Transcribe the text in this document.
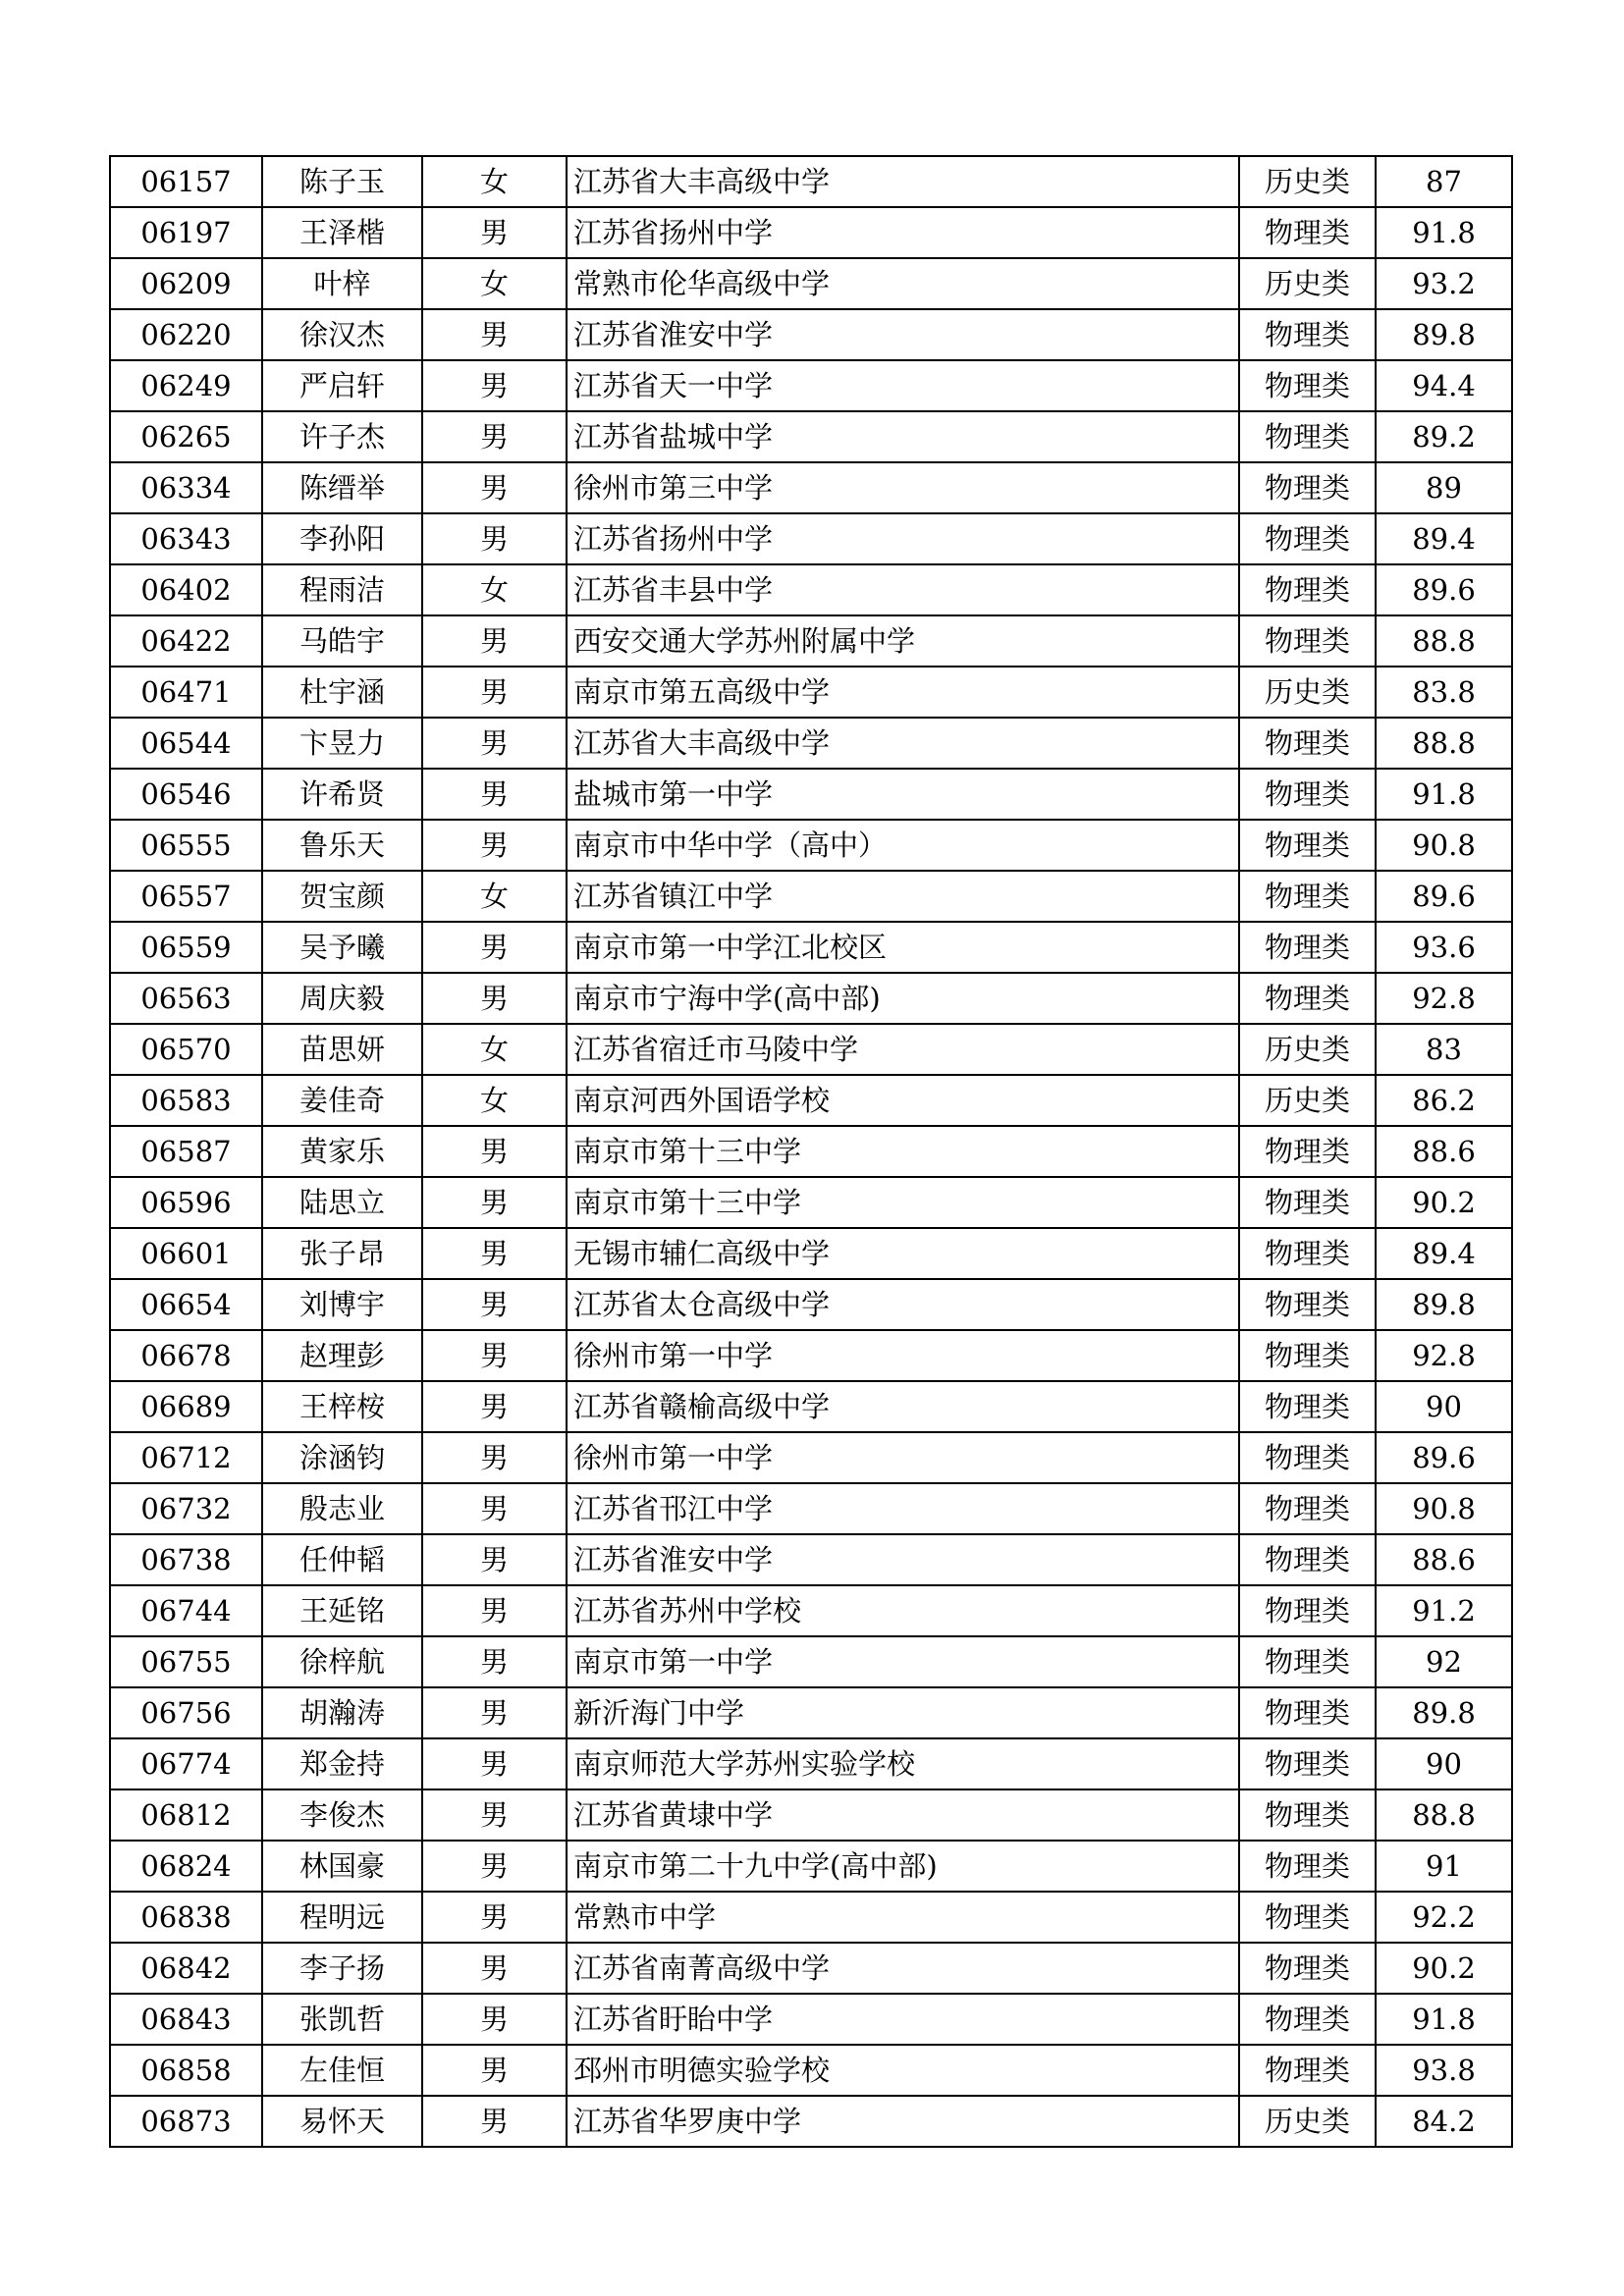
06157	陈子玉	女	江苏省大丰高级中学	历史类	87
06197	王泽楷	男	江苏省扬州中学	物理类	91.8
06209	叶梓	女	常熟市伦华高级中学	历史类	93.2
06220	徐汉杰	男	江苏省淮安中学	物理类	89.8
06249	严启轩	男	江苏省天一中学	物理类	94.4
06265	许子杰	男	江苏省盐城中学	物理类	89.2
06334	陈缙举	男	徐州市第三中学	物理类	89
06343	李孙阳	男	江苏省扬州中学	物理类	89.4
06402	程雨洁	女	江苏省丰县中学	物理类	89.6
06422	马皓宇	男	西安交通大学苏州附属中学	物理类	88.8
06471	杜宇涵	男	南京市第五高级中学	历史类	83.8
06544	卞昱力	男	江苏省大丰高级中学	物理类	88.8
06546	许希贤	男	盐城市第一中学	物理类	91.8
06555	鲁乐天	男	南京市中华中学（高中）	物理类	90.8
06557	贺宝颜	女	江苏省镇江中学	物理类	89.6
06559	吴予曦	男	南京市第一中学江北校区	物理类	93.6
06563	周庆毅	男	南京市宁海中学(高中部)	物理类	92.8
06570	苗思妍	女	江苏省宿迁市马陵中学	历史类	83
06583	姜佳奇	女	南京河西外国语学校	历史类	86.2
06587	黄家乐	男	南京市第十三中学	物理类	88.6
06596	陆思立	男	南京市第十三中学	物理类	90.2
06601	张子昂	男	无锡市辅仁高级中学	物理类	89.4
06654	刘博宇	男	江苏省太仓高级中学	物理类	89.8
06678	赵理彭	男	徐州市第一中学	物理类	92.8
06689	王梓桉	男	江苏省赣榆高级中学	物理类	90
06712	涂涵钧	男	徐州市第一中学	物理类	89.6
06732	殷志业	男	江苏省邗江中学	物理类	90.8
06738	任仲韬	男	江苏省淮安中学	物理类	88.6
06744	王延铭	男	江苏省苏州中学校	物理类	91.2
06755	徐梓航	男	南京市第一中学	物理类	92
06756	胡瀚涛	男	新沂海门中学	物理类	89.8
06774	郑金持	男	南京师范大学苏州实验学校	物理类	90
06812	李俊杰	男	江苏省黄埭中学	物理类	88.8
06824	林国豪	男	南京市第二十九中学(高中部)	物理类	91
06838	程明远	男	常熟市中学	物理类	92.2
06842	李子扬	男	江苏省南菁高级中学	物理类	90.2
06843	张凯哲	男	江苏省盱眙中学	物理类	91.8
06858	左佳恒	男	邳州市明德实验学校	物理类	93.8
06873	易怀天	男	江苏省华罗庚中学	历史类	84.2
